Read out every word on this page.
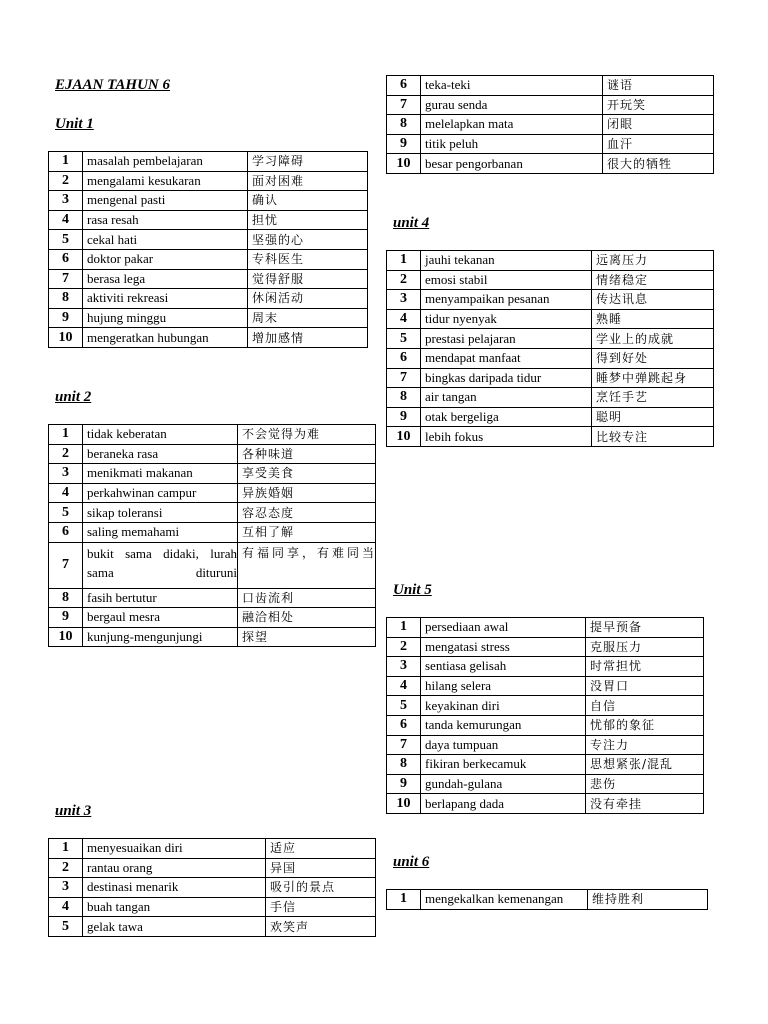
EJAAN TAHUN 6
Unit 1
1	masalah pembelajaran	学习障碍
2	mengalami kesukaran	面对困难
3	mengenal pasti	确认
4	rasa resah	担忧
5	cekal hati	坚强的心
6	doktor pakar	专科医生
7	berasa lega	觉得舒服
8	aktiviti rekreasi	休闲活动
9	hujung minggu	周末
10	mengeratkan hubungan	增加感情
unit 2
1	tidak keberatan	不会觉得为难
2	beraneka rasa	各种味道
3	menikmati makanan	享受美食
4	perkahwinan campur	异族婚姻
5	sikap toleransi	容忍态度
6	saling memahami	互相了解
7	bukit sama didaki, lurah sama dituruni	有福同享，有难同当
8	fasih bertutur	口齿流利
9	bergaul mesra	融洽相处
10	kunjung-mengunjungi	探望
unit 3
1	menyesuaikan diri	适应
2	rantau orang	异国
3	destinasi menarik	吸引的景点
4	buah tangan	手信
5	gelak tawa	欢笑声
6	teka-teki	谜语
7	gurau senda	开玩笑
8	melelapkan mata	闭眼
9	titik peluh	血汗
10	besar pengorbanan	很大的牺牲
unit 4
1	jauhi tekanan	远离压力
2	emosi stabil	情绪稳定
3	menyampaikan pesanan	传达讯息
4	tidur nyenyak	熟睡
5	prestasi pelajaran	学业上的成就
6	mendapat manfaat	得到好处
7	bingkas daripada tidur	睡梦中弹跳起身
8	air tangan	烹饪手艺
9	otak bergeliga	聪明
10	lebih fokus	比较专注
Unit 5
1	persediaan awal	提早预备
2	mengatasi stress	克服压力
3	sentiasa gelisah	时常担忧
4	hilang selera	没胃口
5	keyakinan diri	自信
6	tanda kemurungan	忧郁的象征
7	daya tumpuan	专注力
8	fikiran berkecamuk	思想紧张/混乱
9	gundah-gulana	悲伤
10	berlapang dada	没有牵挂
unit 6
1	mengekalkan kemenangan	维持胜利
